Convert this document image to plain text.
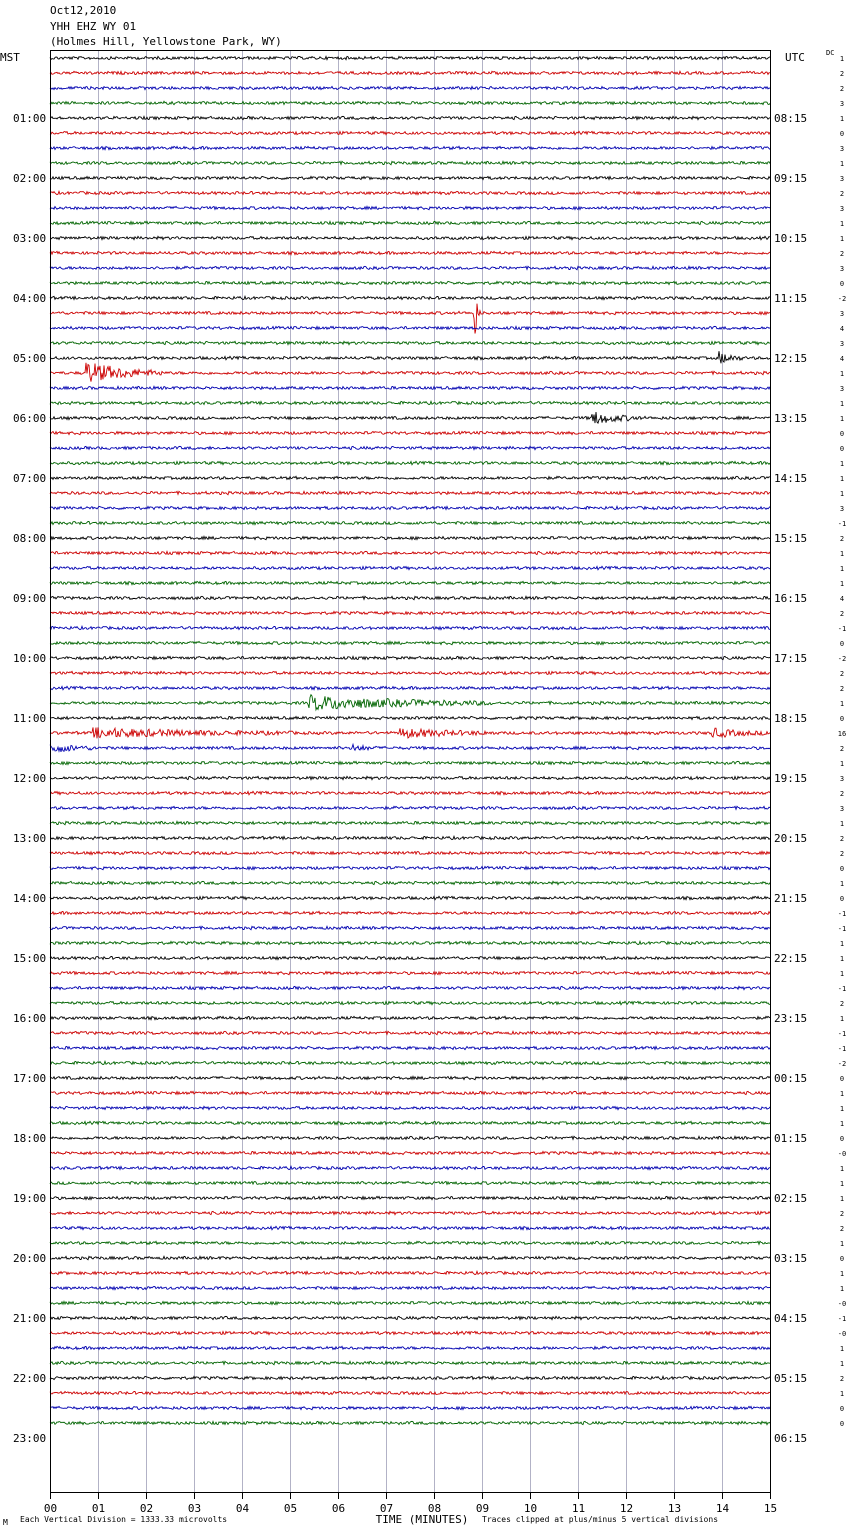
Oct12,2010
YHH EHZ WY 01
(Holmes Hill, Yellowstone Park, WY)
MST	UTC	DC
00	01	02	03	04	05	06	07	08	09	10	11	12	13	14	15
1
2
2
3
1
0
3
1
3
2
3
1
1
2
3
0
-2
3
4
3
4
1
3
1
1
0
0
1
1
1
3
-1
2
1
1
1
4
2
-1
0
-2
2
2
1
0
16
2
1
3
2
3
1
2
2
0
1
0
-1
-1
1
1
1
-1
2
1
-1
-1
-2
0
1
1
1
0
-0
1
1
1
2
2
1
0
1
1
-0
-1
-0
1
1
2
1
0
0
01:00	08:15
02:00	09:15
03:00	10:15
04:00	11:15
05:00	12:15
06:00	13:15
07:00	14:15
08:00	15:15
09:00	16:15
10:00	17:15
11:00	18:15
12:00	19:15
13:00	20:15
14:00	21:15
15:00	22:15
16:00	23:15
17:00	00:15
18:00	01:15
19:00	02:15
20:00	03:15
21:00	04:15
22:00	05:15
23:00	06:15
TIME (MINUTES)
M Each Vertical Division = 1333.33 microvolts	Traces clipped at plus/minus 5 vertical divisions
